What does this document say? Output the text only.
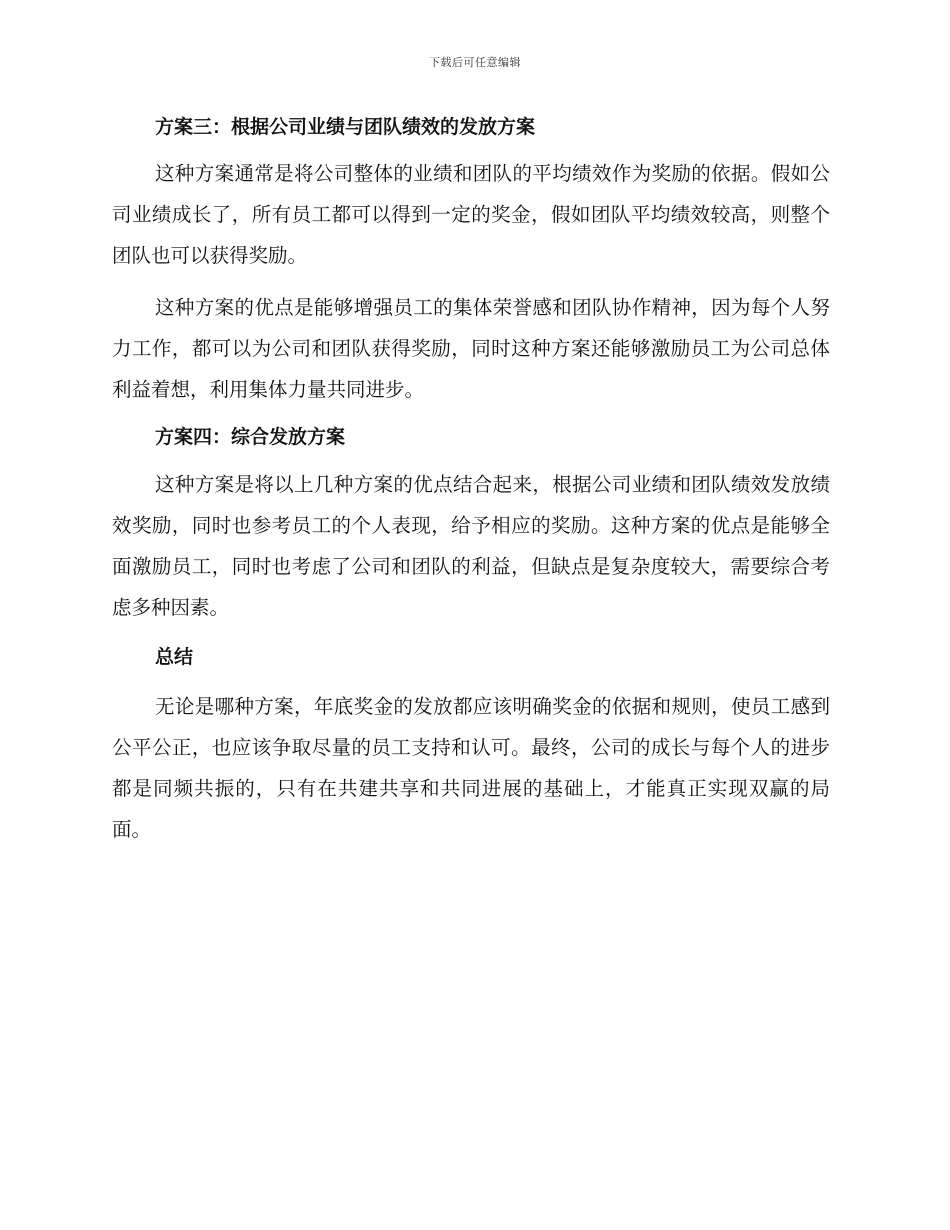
下载后可任意编辑
方案三：根据公司业绩与团队绩效的发放方案

这种方案通常是将公司整体的业绩和团队的平均绩效作为奖励的依据。假如公司业绩成长了，所有员工都可以得到一定的奖金，假如团队平均绩效较高，则整个团队也可以获得奖励。

这种方案的优点是能够增强员工的集体荣誉感和团队协作精神，因为每个人努力工作，都可以为公司和团队获得奖励，同时这种方案还能够激励员工为公司总体利益着想，利用集体力量共同进步。

方案四：综合发放方案

这种方案是将以上几种方案的优点结合起来，根据公司业绩和团队绩效发放绩效奖励，同时也参考员工的个人表现，给予相应的奖励。这种方案的优点是能够全面激励员工，同时也考虑了公司和团队的利益，但缺点是复杂度较大，需要综合考虑多种因素。

总结

无论是哪种方案，年底奖金的发放都应该明确奖金的依据和规则，使员工感到公平公正，也应该争取尽量的员工支持和认可。最终，公司的成长与每个人的进步都是同频共振的，只有在共建共享和共同进展的基础上，才能真正实现双赢的局面。
